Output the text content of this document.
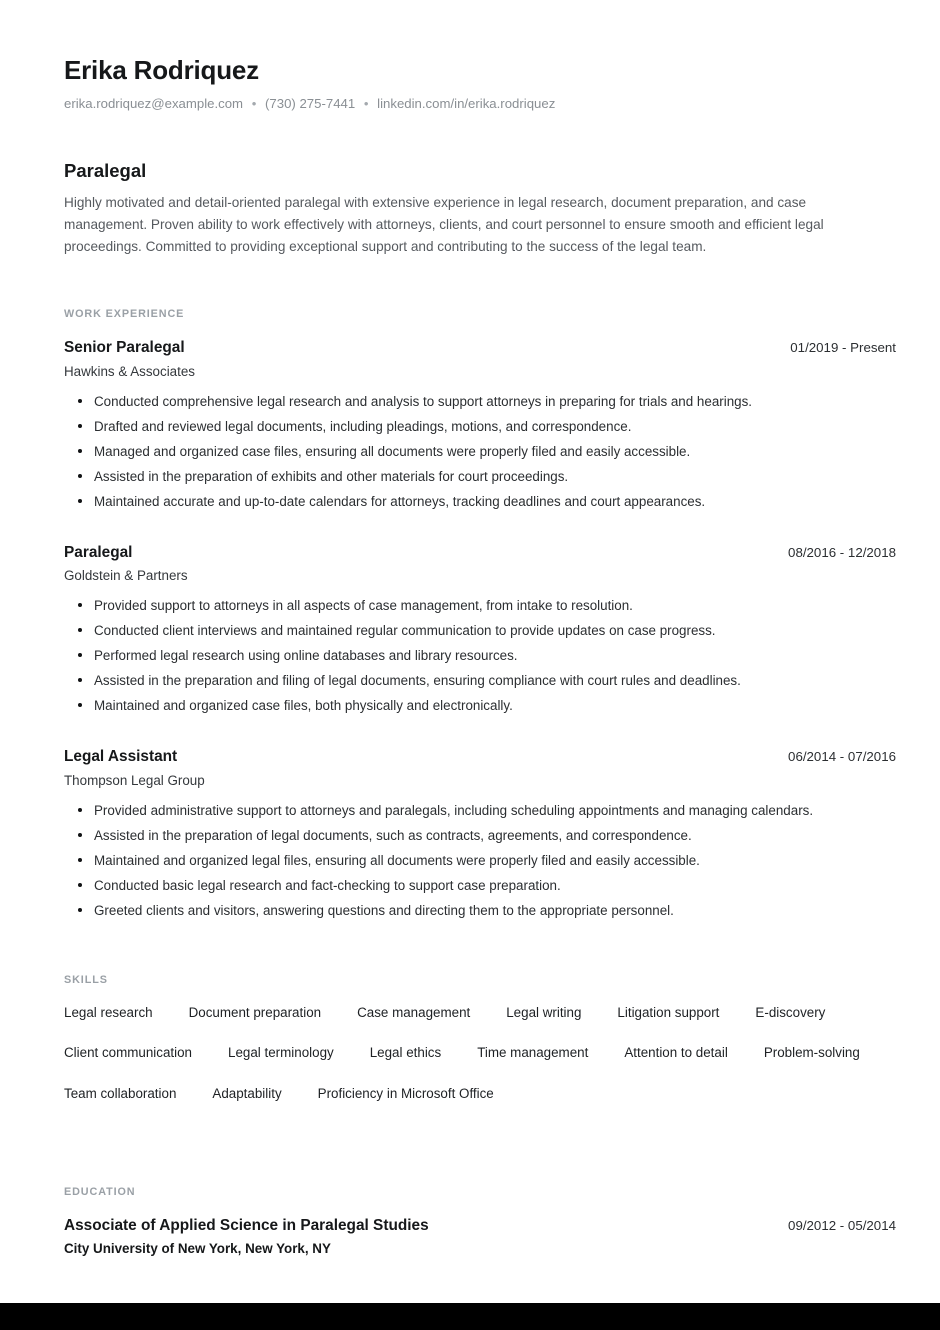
Erika Rodriquez
erika.rodriquez@example.com • (730) 275-7441 • linkedin.com/in/erika.rodriquez
Paralegal

Highly motivated and detail-oriented paralegal with extensive experience in legal research, document preparation, and case management. Proven ability to work effectively with attorneys, clients, and court personnel to ensure smooth and efficient legal proceedings. Committed to providing exceptional support and contributing to the success of the legal team.

WORK EXPERIENCE
Senior Paralegal	01/2019 - Present
Hawkins & Associates
Conducted comprehensive legal research and analysis to support attorneys in preparing for trials and hearings.
Drafted and reviewed legal documents, including pleadings, motions, and correspondence.
Managed and organized case files, ensuring all documents were properly filed and easily accessible.
Assisted in the preparation of exhibits and other materials for court proceedings.
Maintained accurate and up-to-date calendars for attorneys, tracking deadlines and court appearances.
Paralegal	08/2016 - 12/2018
Goldstein & Partners
Provided support to attorneys in all aspects of case management, from intake to resolution.
Conducted client interviews and maintained regular communication to provide updates on case progress.
Performed legal research using online databases and library resources.
Assisted in the preparation and filing of legal documents, ensuring compliance with court rules and deadlines.
Maintained and organized case files, both physically and electronically.
Legal Assistant	06/2014 - 07/2016
Thompson Legal Group
Provided administrative support to attorneys and paralegals, including scheduling appointments and managing calendars.
Assisted in the preparation of legal documents, such as contracts, agreements, and correspondence.
Maintained and organized legal files, ensuring all documents were properly filed and easily accessible.
Conducted basic legal research and fact-checking to support case preparation.
Greeted clients and visitors, answering questions and directing them to the appropriate personnel.
SKILLS
Legal research	Document preparation	Case management	Legal writing	Litigation support	E-discovery
Client communication	Legal terminology	Legal ethics	Time management	Attention to detail	Problem-solving
Team collaboration	Adaptability	Proficiency in Microsoft Office
EDUCATION
Associate of Applied Science in Paralegal Studies	09/2012 - 05/2014
City University of New York, New York, NY
